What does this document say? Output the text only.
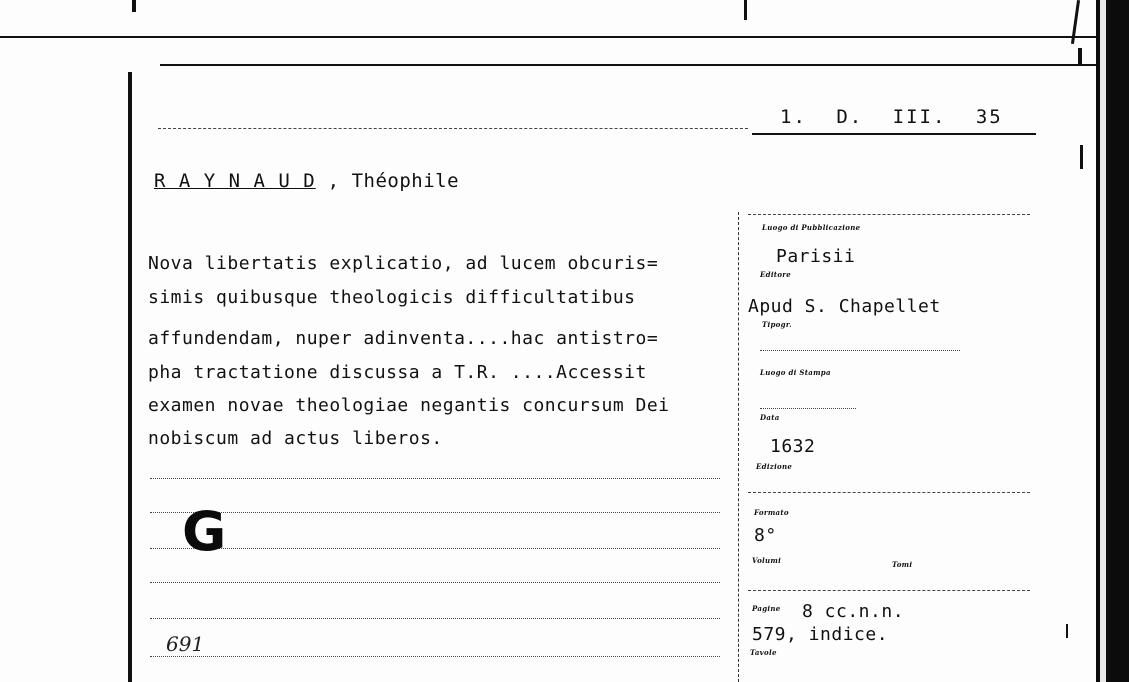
1. D. III. 35
R A Y N A U D , Théophile
Nova libertatis explicatio, ad lucem obcuris=
simis quibusque theologicis difficultatibus
affundendam, nuper adinventa....hac antistro=
pha tractatione discussa a T.R. ....Accessit
examen novae theologiae negantis concursum Dei
nobiscum ad actus liberos.
G
691
Luogo di Pubblicazione
Parisii
Editore
Apud S. Chapellet
Tipogr.
Luogo di Stampa
Data
1632
Edizione
Formato
8°
Volumi	Tomi
Pagine 8 cc.n.n.
579, indice.
Tavole
